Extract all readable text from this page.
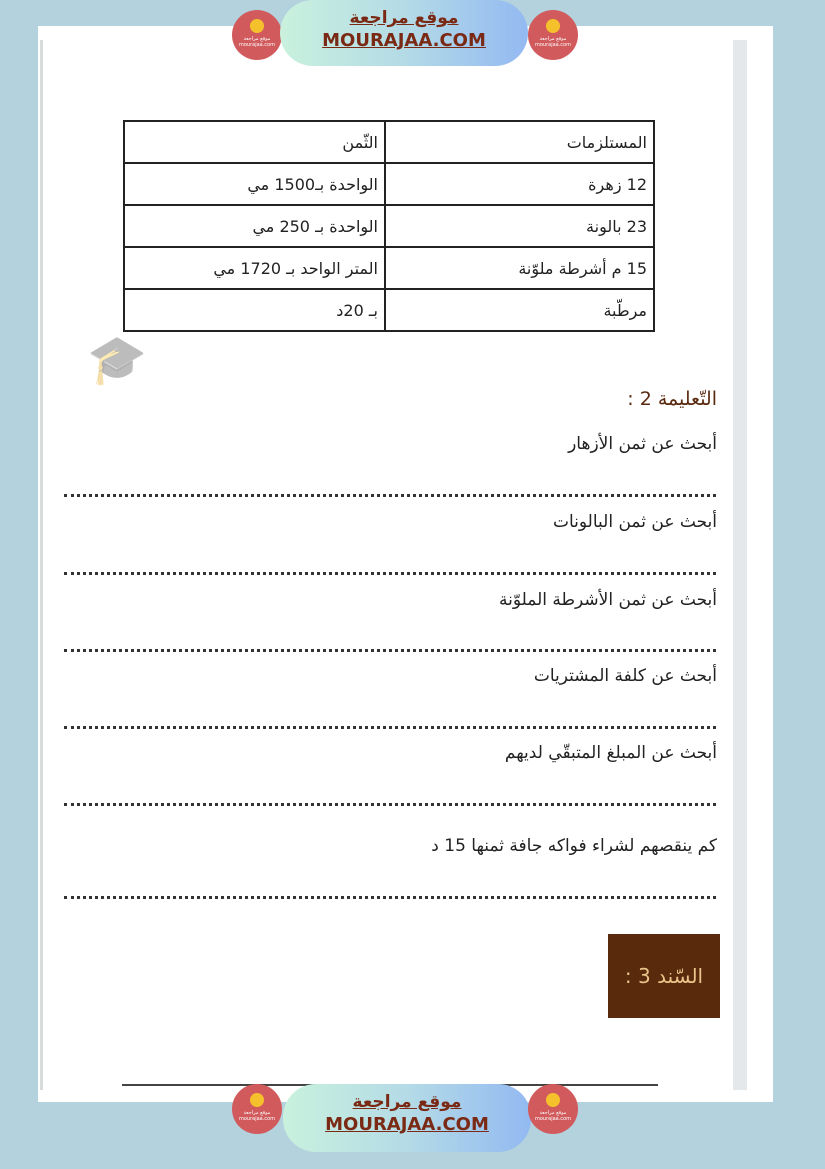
موقع مراجعة mourajaa.com
موقع مراجعة
MOURAJAA.COM	موقع مراجعة mourajaa.com
🎓
المستلزمات	الثّمن
12 زهرة	الواحدة بـ1500 مي
23 بالونة	الواحدة بـ 250 مي
15 م أشرطة ملوّنة	المتر الواحد بـ 1720 مي
مرطّبة	بـ 20د
التّعليمة 2 :
أبحث عن ثمن الأزهار
أبحث عن ثمن البالونات
أبحث عن ثمن الأشرطة الملوّنة
أبحث عن كلفة المشتريات
أبحث عن المبلغ المتبقّي لديهم
كم ينقصهم لشراء فواكه جافة ثمنها 15 د
السّند 3 :
موقع مراجعة mourajaa.com
موقع مراجعة
MOURAJAA.COM
موقع مراجعة mourajaa.com
